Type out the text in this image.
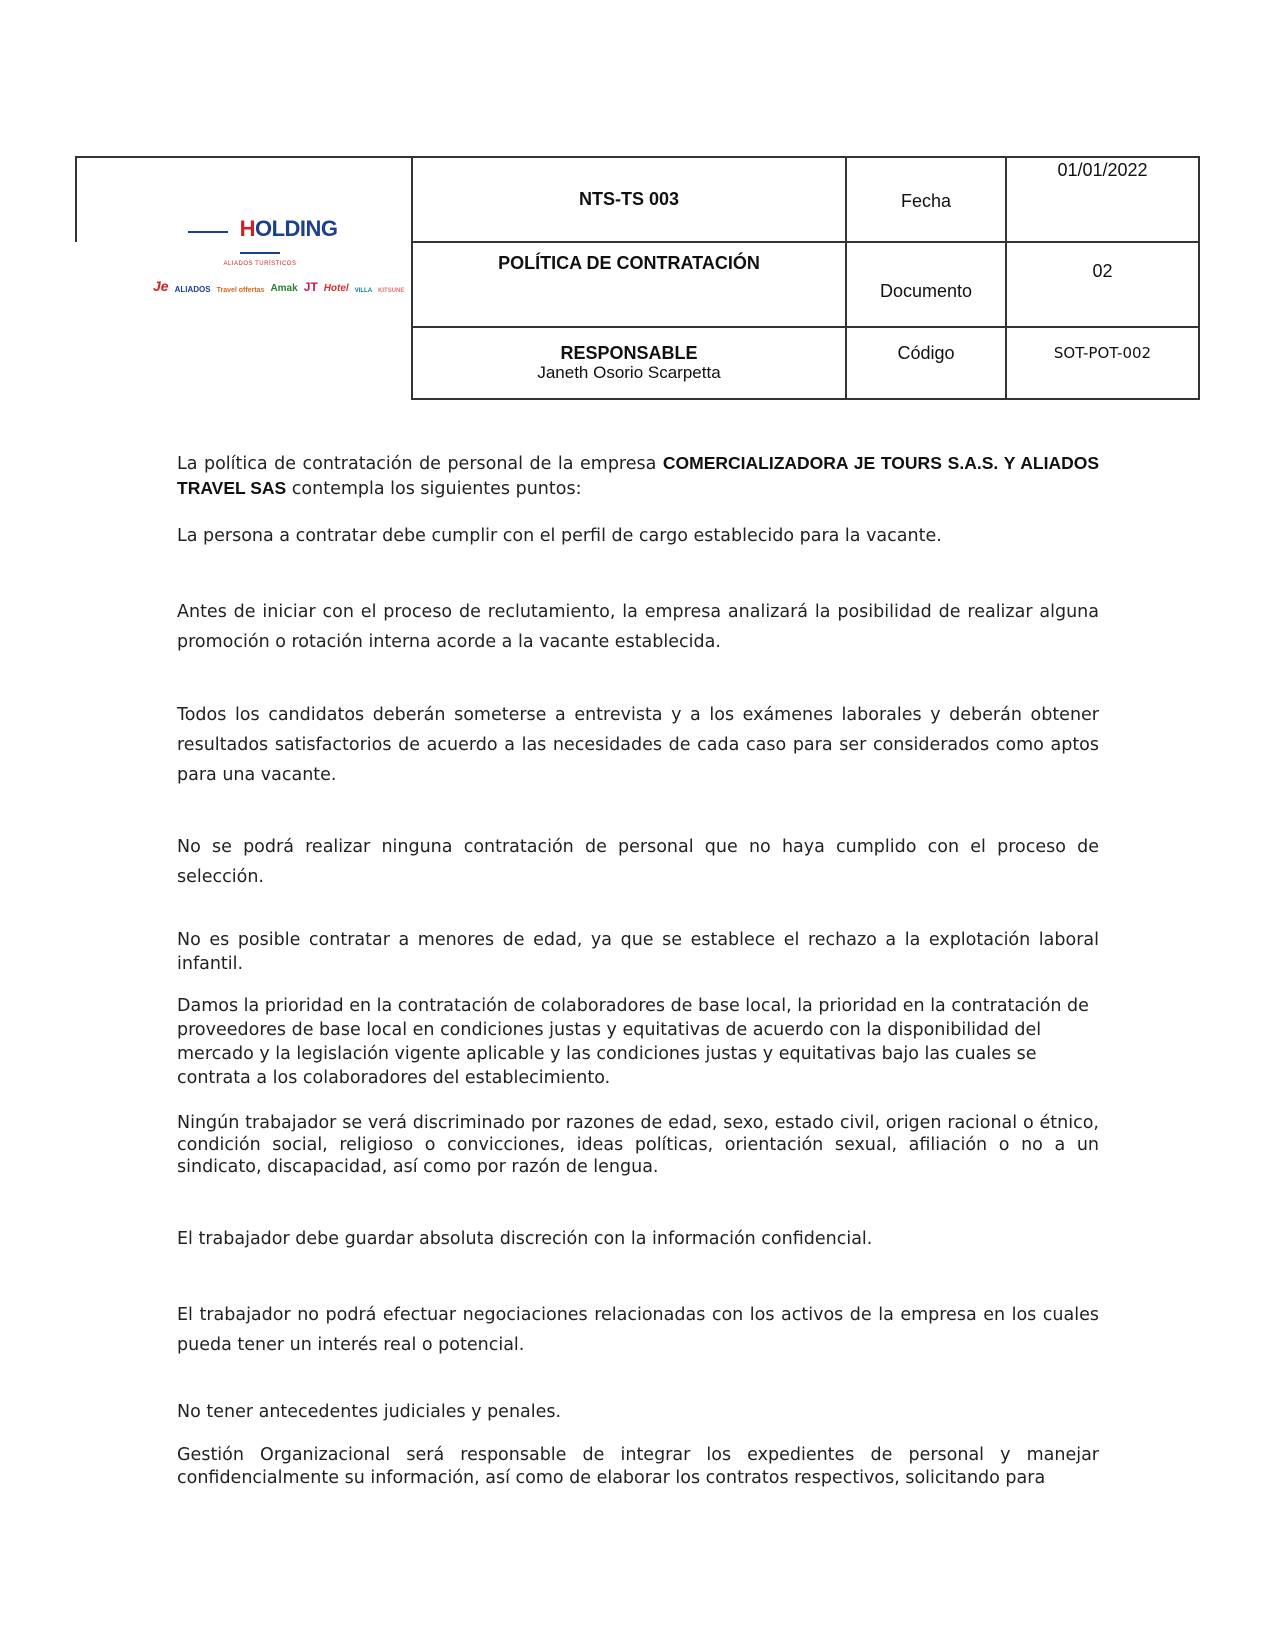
HOLDING
ALIADOS TURÍSTICOS
Je ALIADOS Travel offertas Amak JT Hotel VILLA KITSUNE
NTS-TS 003	Fecha
01/01/2022
POLÍTICA DE CONTRATACIÓN
Documento
02
RESPONSABLE
Janeth Osorio Scarpetta
Código	SOT-POT-002
La política de contratación de personal de la empresa COMERCIALIZADORA JE TOURS S.A.S. Y ALIADOS TRAVEL SAS contempla los siguientes puntos:
La persona a contratar debe cumplir con el perfil de cargo establecido para la vacante.
Antes de iniciar con el proceso de reclutamiento, la empresa analizará la posibilidad de realizar alguna promoción o rotación interna acorde a la vacante establecida.
Todos los candidatos deberán someterse a entrevista y a los exámenes laborales y deberán obtener resultados satisfactorios de acuerdo a las necesidades de cada caso para ser considerados como aptos para una vacante.
No se podrá realizar ninguna contratación de personal que no haya cumplido con el proceso de selección.
No es posible contratar a menores de edad, ya que se establece el rechazo a la explotación laboral infantil.
Damos la prioridad en la contratación de colaboradores de base local, la prioridad en la contratación de proveedores de base local en condiciones justas y equitativas de acuerdo con la disponibilidad del mercado y la legislación vigente aplicable y las condiciones justas y equitativas bajo las cuales se contrata a los colaboradores del establecimiento.
Ningún trabajador se verá discriminado por razones de edad, sexo, estado civil, origen racional o étnico, condición social, religioso o convicciones, ideas políticas, orientación sexual, afiliación o no a un sindicato, discapacidad, así como por razón de lengua.
El trabajador debe guardar absoluta discreción con la información confidencial.
El trabajador no podrá efectuar negociaciones relacionadas con los activos de la empresa en los cuales pueda tener un interés real o potencial.
No tener antecedentes judiciales y penales.
Gestión Organizacional será responsable de integrar los expedientes de personal y manejar confidencialmente su información, así como de elaborar los contratos respectivos, solicitando para
